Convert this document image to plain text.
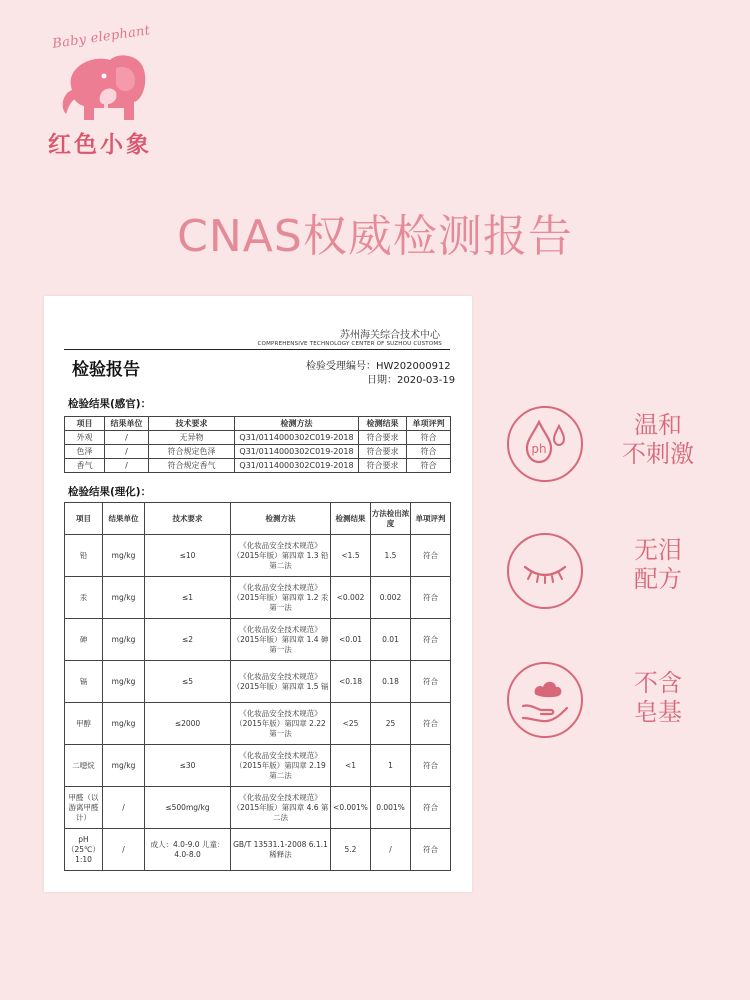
Baby elephant
红色小象
CNAS权威检测报告
苏州海关综合技术中心
COMPREHENSIVE TECHNOLOGY CENTER OF SUZHOU CUSTOMS
检验报告	检验受理编号：HW202000912
日期：2020-03-19
检验结果(感官)：
项目	结果单位	技术要求	检测方法	检测结果	单项评判
外观	/	无异物	Q31/0114000302C019-2018	符合要求	符合
色泽	/	符合规定色泽	Q31/0114000302C019-2018	符合要求	符合
香气	/	符合规定香气	Q31/0114000302C019-2018	符合要求	符合
检验结果(理化)：
项目	结果单位	技术要求	检测方法	检测结果	方法检出浓度	单项评判
铅	mg/kg	≤10	《化妆品安全技术规范》（2015年版）第四章 1.3 铅 第二法	<1.5	1.5	符合
汞	mg/kg	≤1	《化妆品安全技术规范》（2015年版）第四章 1.2 汞 第一法	<0.002	0.002	符合
砷	mg/kg	≤2	《化妆品安全技术规范》（2015年版）第四章 1.4 砷 第一法	<0.01	0.01	符合
镉	mg/kg	≤5	《化妆品安全技术规范》（2015年版）第四章 1.5 镉	<0.18	0.18	符合
甲醇	mg/kg	≤2000	《化妆品安全技术规范》（2015年版）第四章 2.22 第一法	<25	25	符合
二噁烷	mg/kg	≤30	《化妆品安全技术规范》（2015年版）第四章 2.19 第二法	<1	1	符合
甲醛（以游离甲醛计）	/	≤500mg/kg	《化妆品安全技术规范》（2015年版）第四章 4.6 第二法	<0.001%	0.001%	符合
pH（25℃）1:10	/	成人：4.0-9.0 儿童：4.0-8.0	GB/T 13531.1-2008 6.1.1 稀释法	5.2	/	符合
ph
温和
不刺激
无泪
配方
不含
皂基
